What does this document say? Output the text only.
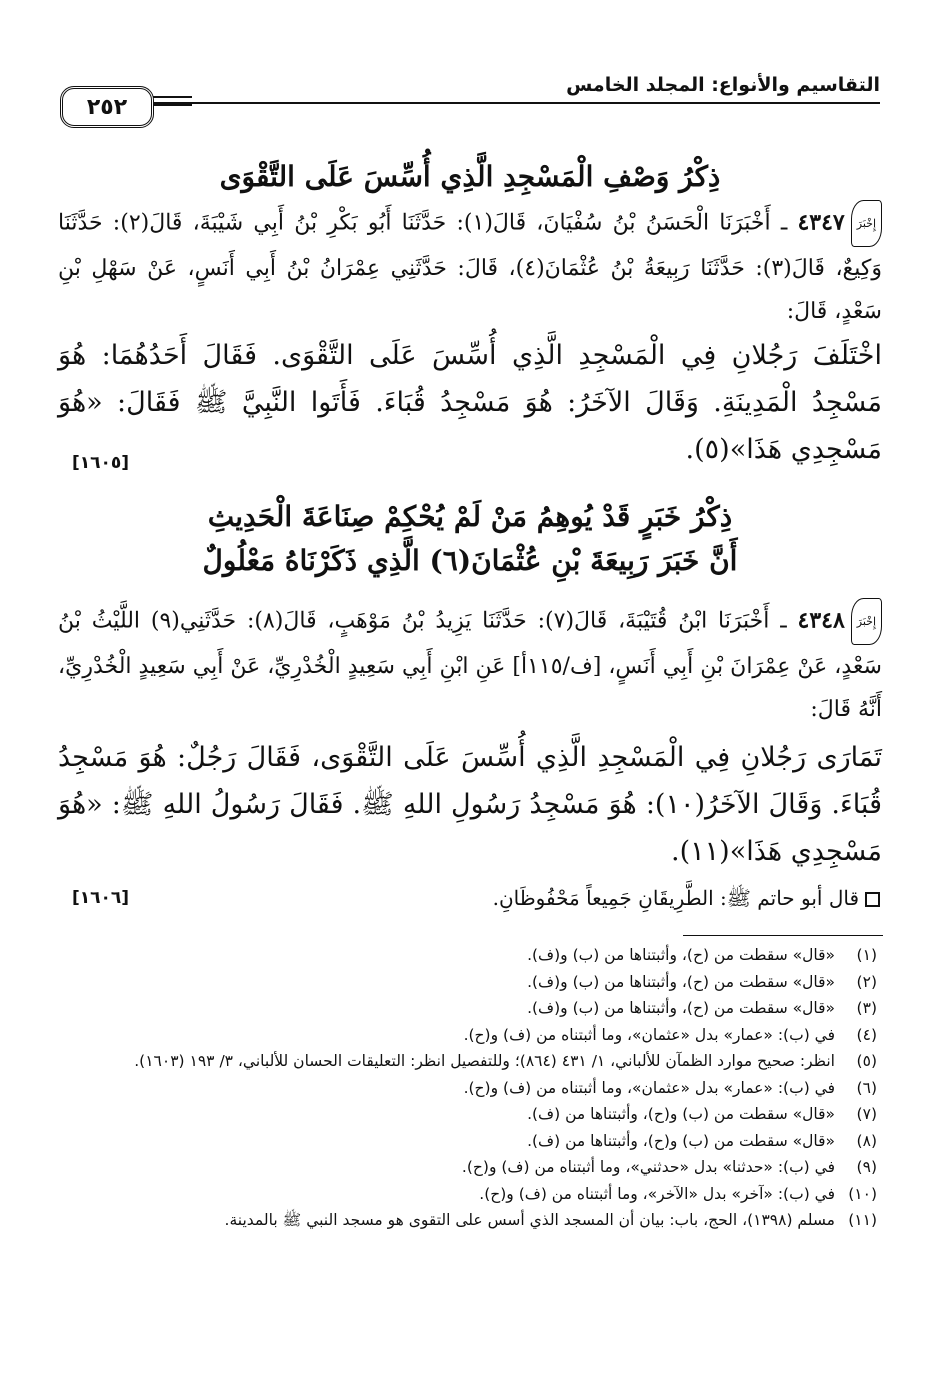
التقاسيم والأنواع: المجلد الخامس
٢٥٢
ذِكْرُ وَصْفِ الْمَسْجِدِ الَّذِي أُسِّسَ عَلَى التَّقْوَى
إِخْبَرَ٤٣٤٧ ـ أَخْبَرَنَا الْحَسَنُ بْنُ سُفْيَانَ، قَالَ(١): حَدَّثَنَا أَبُو بَكْرِ بْنُ أَبِي شَيْبَةَ، قَالَ(٢): حَدَّثَنَا وَكِيعٌ، قَالَ(٣): حَدَّثَنَا رَبِيعَةُ بْنُ عُثْمَانَ(٤)، قَالَ: حَدَّثَنِي عِمْرَانُ بْنُ أَبِي أَنَسٍ، عَنْ سَهْلِ بْنِ سَعْدٍ، قَالَ:
اخْتَلَفَ رَجُلانِ فِي الْمَسْجِدِ الَّذِي أُسِّسَ عَلَى التَّقْوَى. فَقَالَ أَحَدُهُمَا: هُوَ مَسْجِدُ الْمَدِينَةِ. وَقَالَ الآخَرُ: هُوَ مَسْجِدُ قُبَاءَ. فَأَتَوا النَّبِيَّ ﷺ فَقَالَ: «هُوَ مَسْجِدِي هَذَا»(٥).
[١٦٠٥]
ذِكْرُ خَبَرٍ قَدْ يُوهِمُ مَنْ لَمْ يُحْكِمْ صِنَاعَةَ الْحَدِيثِ
أَنَّ خَبَرَ رَبِيعَةَ بْنِ عُثْمَانَ(٦) الَّذِي ذَكَرْنَاهُ مَعْلُولٌ
إِخْبَرَ٤٣٤٨ ـ أَخْبَرَنَا ابْنُ قُتَيْبَةَ، قَالَ(٧): حَدَّثَنَا يَزِيدُ بْنُ مَوْهَبٍ، قَالَ(٨): حَدَّثَنِي(٩) اللَّيْثُ بْنُ سَعْدٍ، عَنْ عِمْرَانَ بْنِ أَبِي أَنَسٍ، [ف/١١٥أ] عَنِ ابْنِ أَبِي سَعِيدٍ الْخُدْرِيِّ، عَنْ أَبِي سَعِيدٍ الْخُدْرِيِّ، أَنَّهُ قَالَ:
تَمَارَى رَجُلانِ فِي الْمَسْجِدِ الَّذِي أُسِّسَ عَلَى التَّقْوَى، فَقَالَ رَجُلٌ: هُوَ مَسْجِدُ قُبَاءَ. وَقَالَ الآخَرُ(١٠): هُوَ مَسْجِدُ رَسُولِ اللهِ ﷺ. فَقَالَ رَسُولُ اللهِ ﷺ: «هُوَ مَسْجِدِي هَذَا»(١١).
قال أبو حاتم ﷺ: الطَّرِيقَانِ جَمِيعاً مَحْفُوظَانِ.
[١٦٠٦]
(١)
«قال» سقطت من (ح)، وأثبتناها من (ب) و(ف).
(٢)
«قال» سقطت من (ح)، وأثبتناها من (ب) و(ف).
(٣)
«قال» سقطت من (ح)، وأثبتناها من (ب) و(ف).
(٤)
في (ب): «عمار» بدل «عثمان»، وما أثبتناه من (ف) و(ح).
(٥)
انظر: صحيح موارد الظمآن للألباني، ١/ ٤٣١ (٨٦٤)؛ وللتفصيل انظر: التعليقات الحسان للألباني، ٣/ ١٩٣ (١٦٠٣).
(٦)
في (ب): «عمار» بدل «عثمان»، وما أثبتناه من (ف) و(ح).
(٧)
«قال» سقطت من (ب) و(ح)، وأثبتناها من (ف).
(٨)
«قال» سقطت من (ب) و(ح)، وأثبتناها من (ف).
(٩)
في (ب): «حدثنا» بدل «حدثني»، وما أثبتناه من (ف) و(ح).
(١٠)
في (ب): «آخر» بدل «الآخر»، وما أثبتناه من (ف) و(ح).
(١١)
مسلم (١٣٩٨)، الحج، باب: بيان أن المسجد الذي أسس على التقوى هو مسجد النبي ﷺ بالمدينة.
